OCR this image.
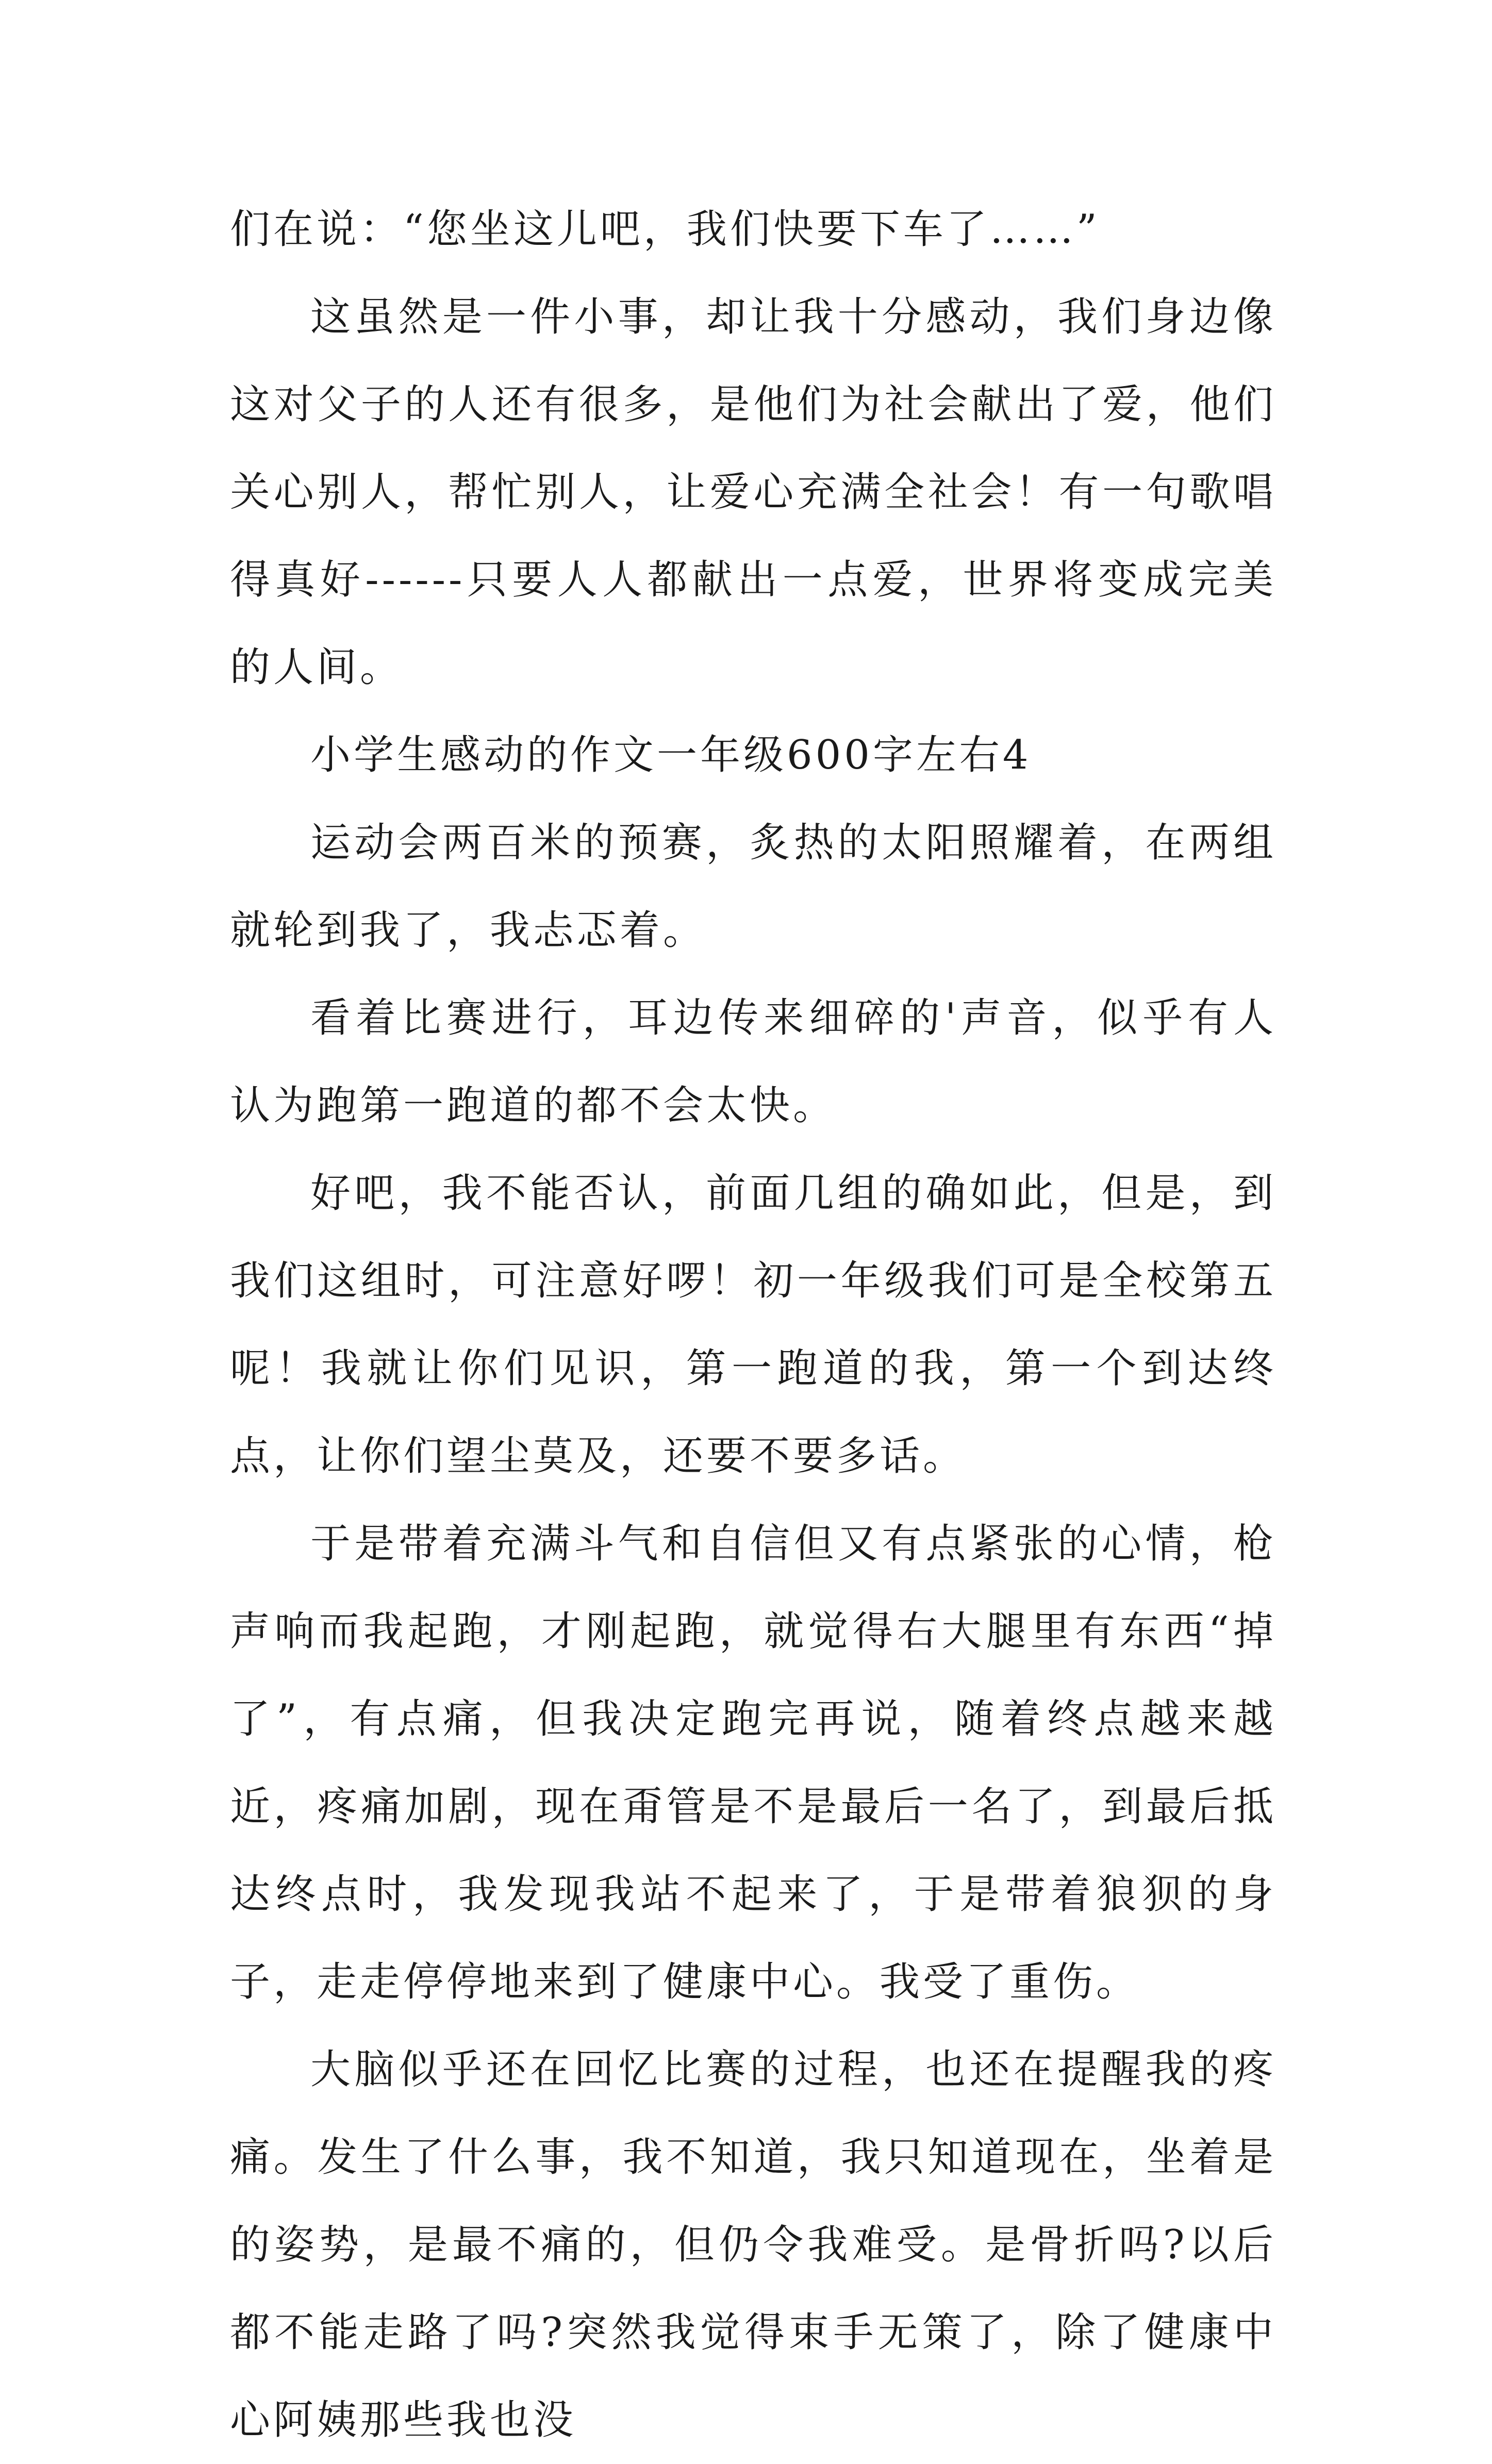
们在说：“您坐这儿吧，我们快要下车了……”

这虽然是一件小事，却让我十分感动，我们身边像这对父子的人还有很多，是他们为社会献出了爱，他们关心别人，帮忙别人，让爱心充满全社会！有一句歌唱得真好------只要人人都献出一点爱，世界将变成完美的人间。

小学生感动的作文一年级600字左右4

运动会两百米的预赛，炙热的太阳照耀着，在两组就轮到我了，我忐忑着。

看着比赛进行，耳边传来细碎的'声音，似乎有人认为跑第一跑道的都不会太快。

好吧，我不能否认，前面几组的确如此，但是，到我们这组时，可注意好啰！初一年级我们可是全校第五呢！我就让你们见识，第一跑道的我，第一个到达终点，让你们望尘莫及，还要不要多话。

于是带着充满斗气和自信但又有点紧张的心情，枪声响而我起跑，才刚起跑，就觉得右大腿里有东西“掉了”，有点痛，但我决定跑完再说，随着终点越来越近，疼痛加剧，现在甭管是不是最后一名了，到最后抵达终点时，我发现我站不起来了，于是带着狼狈的身子，走走停停地来到了健康中心。我受了重伤。

大脑似乎还在回忆比赛的过程，也还在提醒我的疼痛。发生了什么事，我不知道，我只知道现在，坐着是的姿势，是最不痛的，但仍令我难受。是骨折吗?以后都不能走路了吗?突然我觉得束手无策了，除了健康中心阿姨那些我也没
